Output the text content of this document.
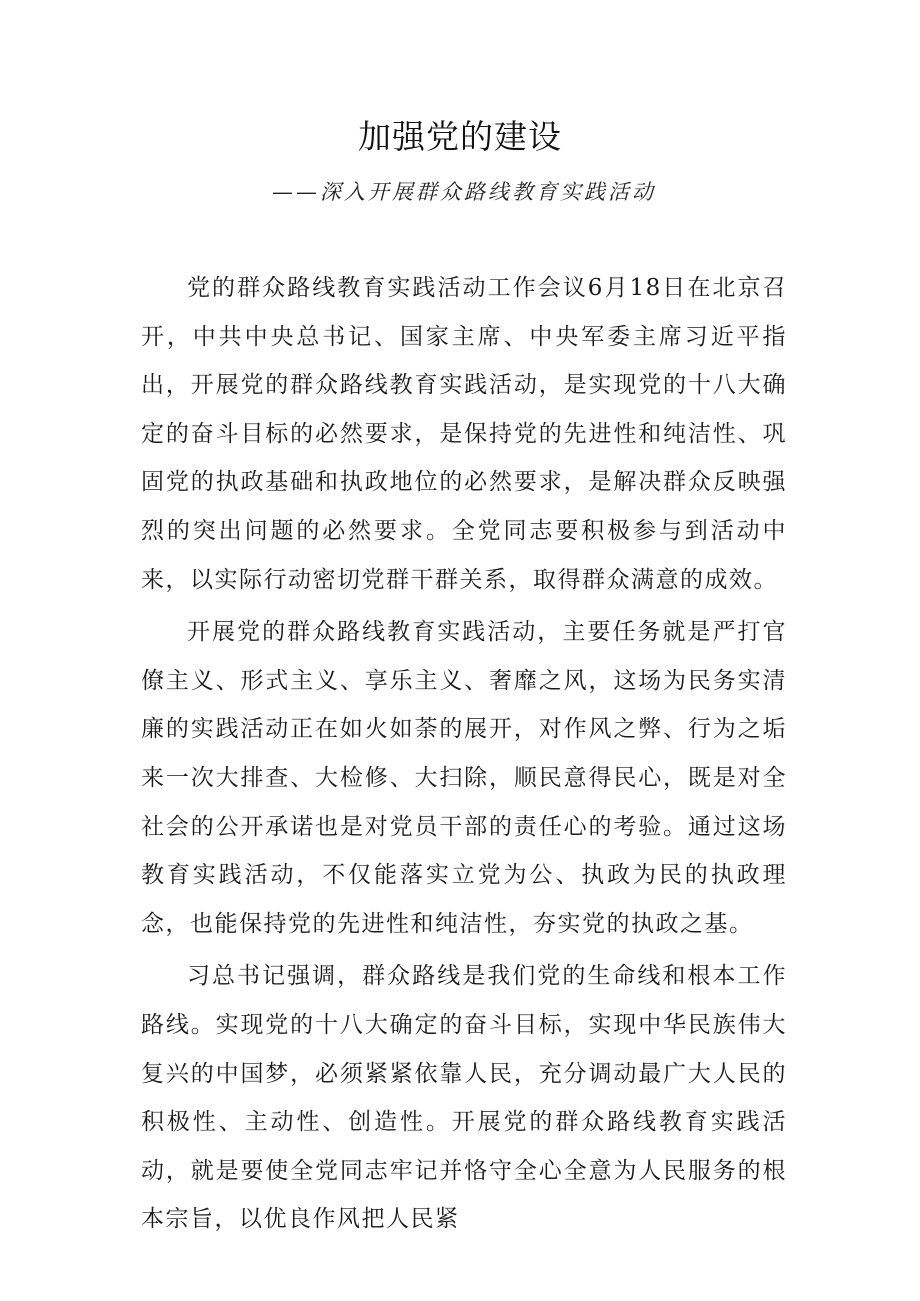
加强党的建设
——深入开展群众路线教育实践活动

党的群众路线教育实践活动工作会议6月18日在北京召开，中共中央总书记、国家主席、中央军委主席习近平指出，开展党的群众路线教育实践活动，是实现党的十八大确定的奋斗目标的必然要求，是保持党的先进性和纯洁性、巩固党的执政基础和执政地位的必然要求，是解决群众反映强烈的突出问题的必然要求。全党同志要积极参与到活动中来，以实际行动密切党群干群关系，取得群众满意的成效。

开展党的群众路线教育实践活动，主要任务就是严打官僚主义、形式主义、享乐主义、奢靡之风，这场为民务实清廉的实践活动正在如火如荼的展开，对作风之弊、行为之垢来一次大排查、大检修、大扫除，顺民意得民心，既是对全社会的公开承诺也是对党员干部的责任心的考验。通过这场教育实践活动，不仅能落实立党为公、执政为民的执政理念，也能保持党的先进性和纯洁性，夯实党的执政之基。

习总书记强调，群众路线是我们党的生命线和根本工作路线。实现党的十八大确定的奋斗目标，实现中华民族伟大复兴的中国梦，必须紧紧依靠人民，充分调动最广大人民的积极性、主动性、创造性。开展党的群众路线教育实践活动，就是要使全党同志牢记并恪守全心全意为人民服务的根本宗旨，以优良作风把人民紧
